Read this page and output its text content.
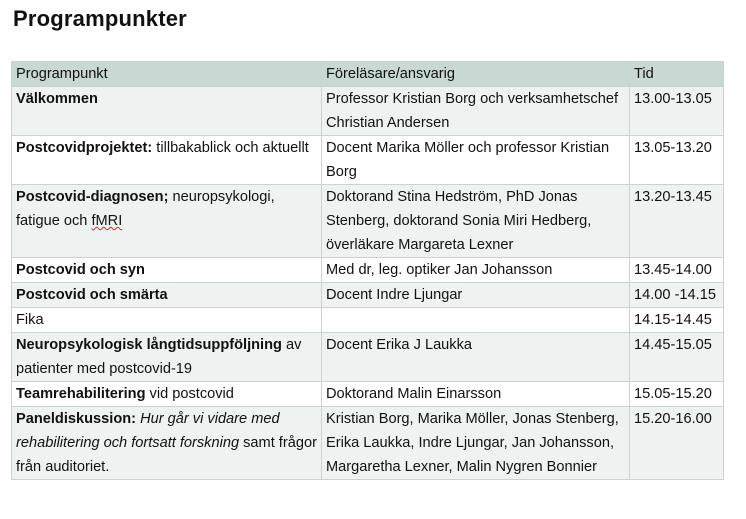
Programpunkter
Programpunkt	Föreläsare/ansvarig	Tid
Välkommen	Professor Kristian Borg och verksamhetschef Christian Andersen	13.00-13.05
Postcovidprojektet: tillbakablick och aktuellt	Docent Marika Möller och professor Kristian Borg	13.05-13.20
Postcovid-diagnosen; neuropsykologi, fatigue och fMRI	Doktorand Stina Hedström, PhD Jonas Stenberg, doktorand Sonia Miri Hedberg, överläkare Margareta Lexner	13.20-13.45
Postcovid och syn	Med dr, leg. optiker Jan Johansson	13.45-14.00
Postcovid och smärta	Docent Indre Ljungar	14.00 -14.15
Fika		14.15-14.45
Neuropsykologisk långtidsuppföljning av patienter med postcovid-19	Docent Erika J Laukka	14.45-15.05
Teamrehabilitering vid postcovid	Doktorand Malin Einarsson	15.05-15.20
Paneldiskussion: Hur går vi vidare med rehabilitering och fortsatt forskning samt frågor från auditoriet.	Kristian Borg, Marika Möller, Jonas Stenberg, Erika Laukka, Indre Ljungar, Jan Johansson, Margaretha Lexner, Malin Nygren Bonnier	15.20-16.00
